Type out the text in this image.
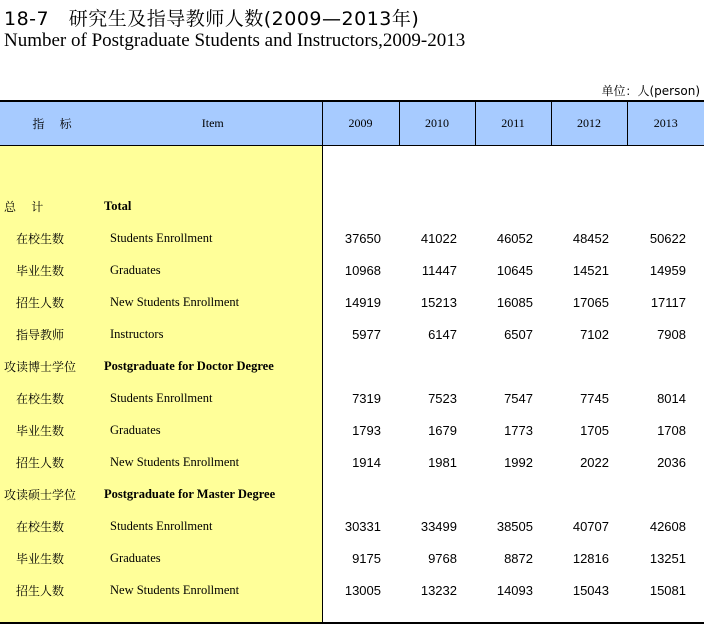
18-7 研究生及指导教师人数(2009—2013年)
Number of Postgraduate Students and Instructors,2009-2013
单位：人(person)
指    标	Item	2009	2010	2011	2012	2013

总    计	Total					
在校生数	Students Enrollment	37650	41022	46052	48452	50622
毕业生数	Graduates	10968	11447	10645	14521	14959
招生人数	New Students Enrollment	14919	15213	16085	17065	17117
指导教师	Instructors	5977	6147	6507	7102	7908
攻读博士学位	Postgraduate for Doctor Degree					
在校生数	Students Enrollment	7319	7523	7547	7745	8014
毕业生数	Graduates	1793	1679	1773	1705	1708
招生人数	New Students Enrollment	1914	1981	1992	2022	2036
攻读硕士学位	Postgraduate for Master Degree					
在校生数	Students Enrollment	30331	33499	38505	40707	42608
毕业生数	Graduates	9175	9768	8872	12816	13251
招生人数	New Students Enrollment	13005	13232	14093	15043	15081
